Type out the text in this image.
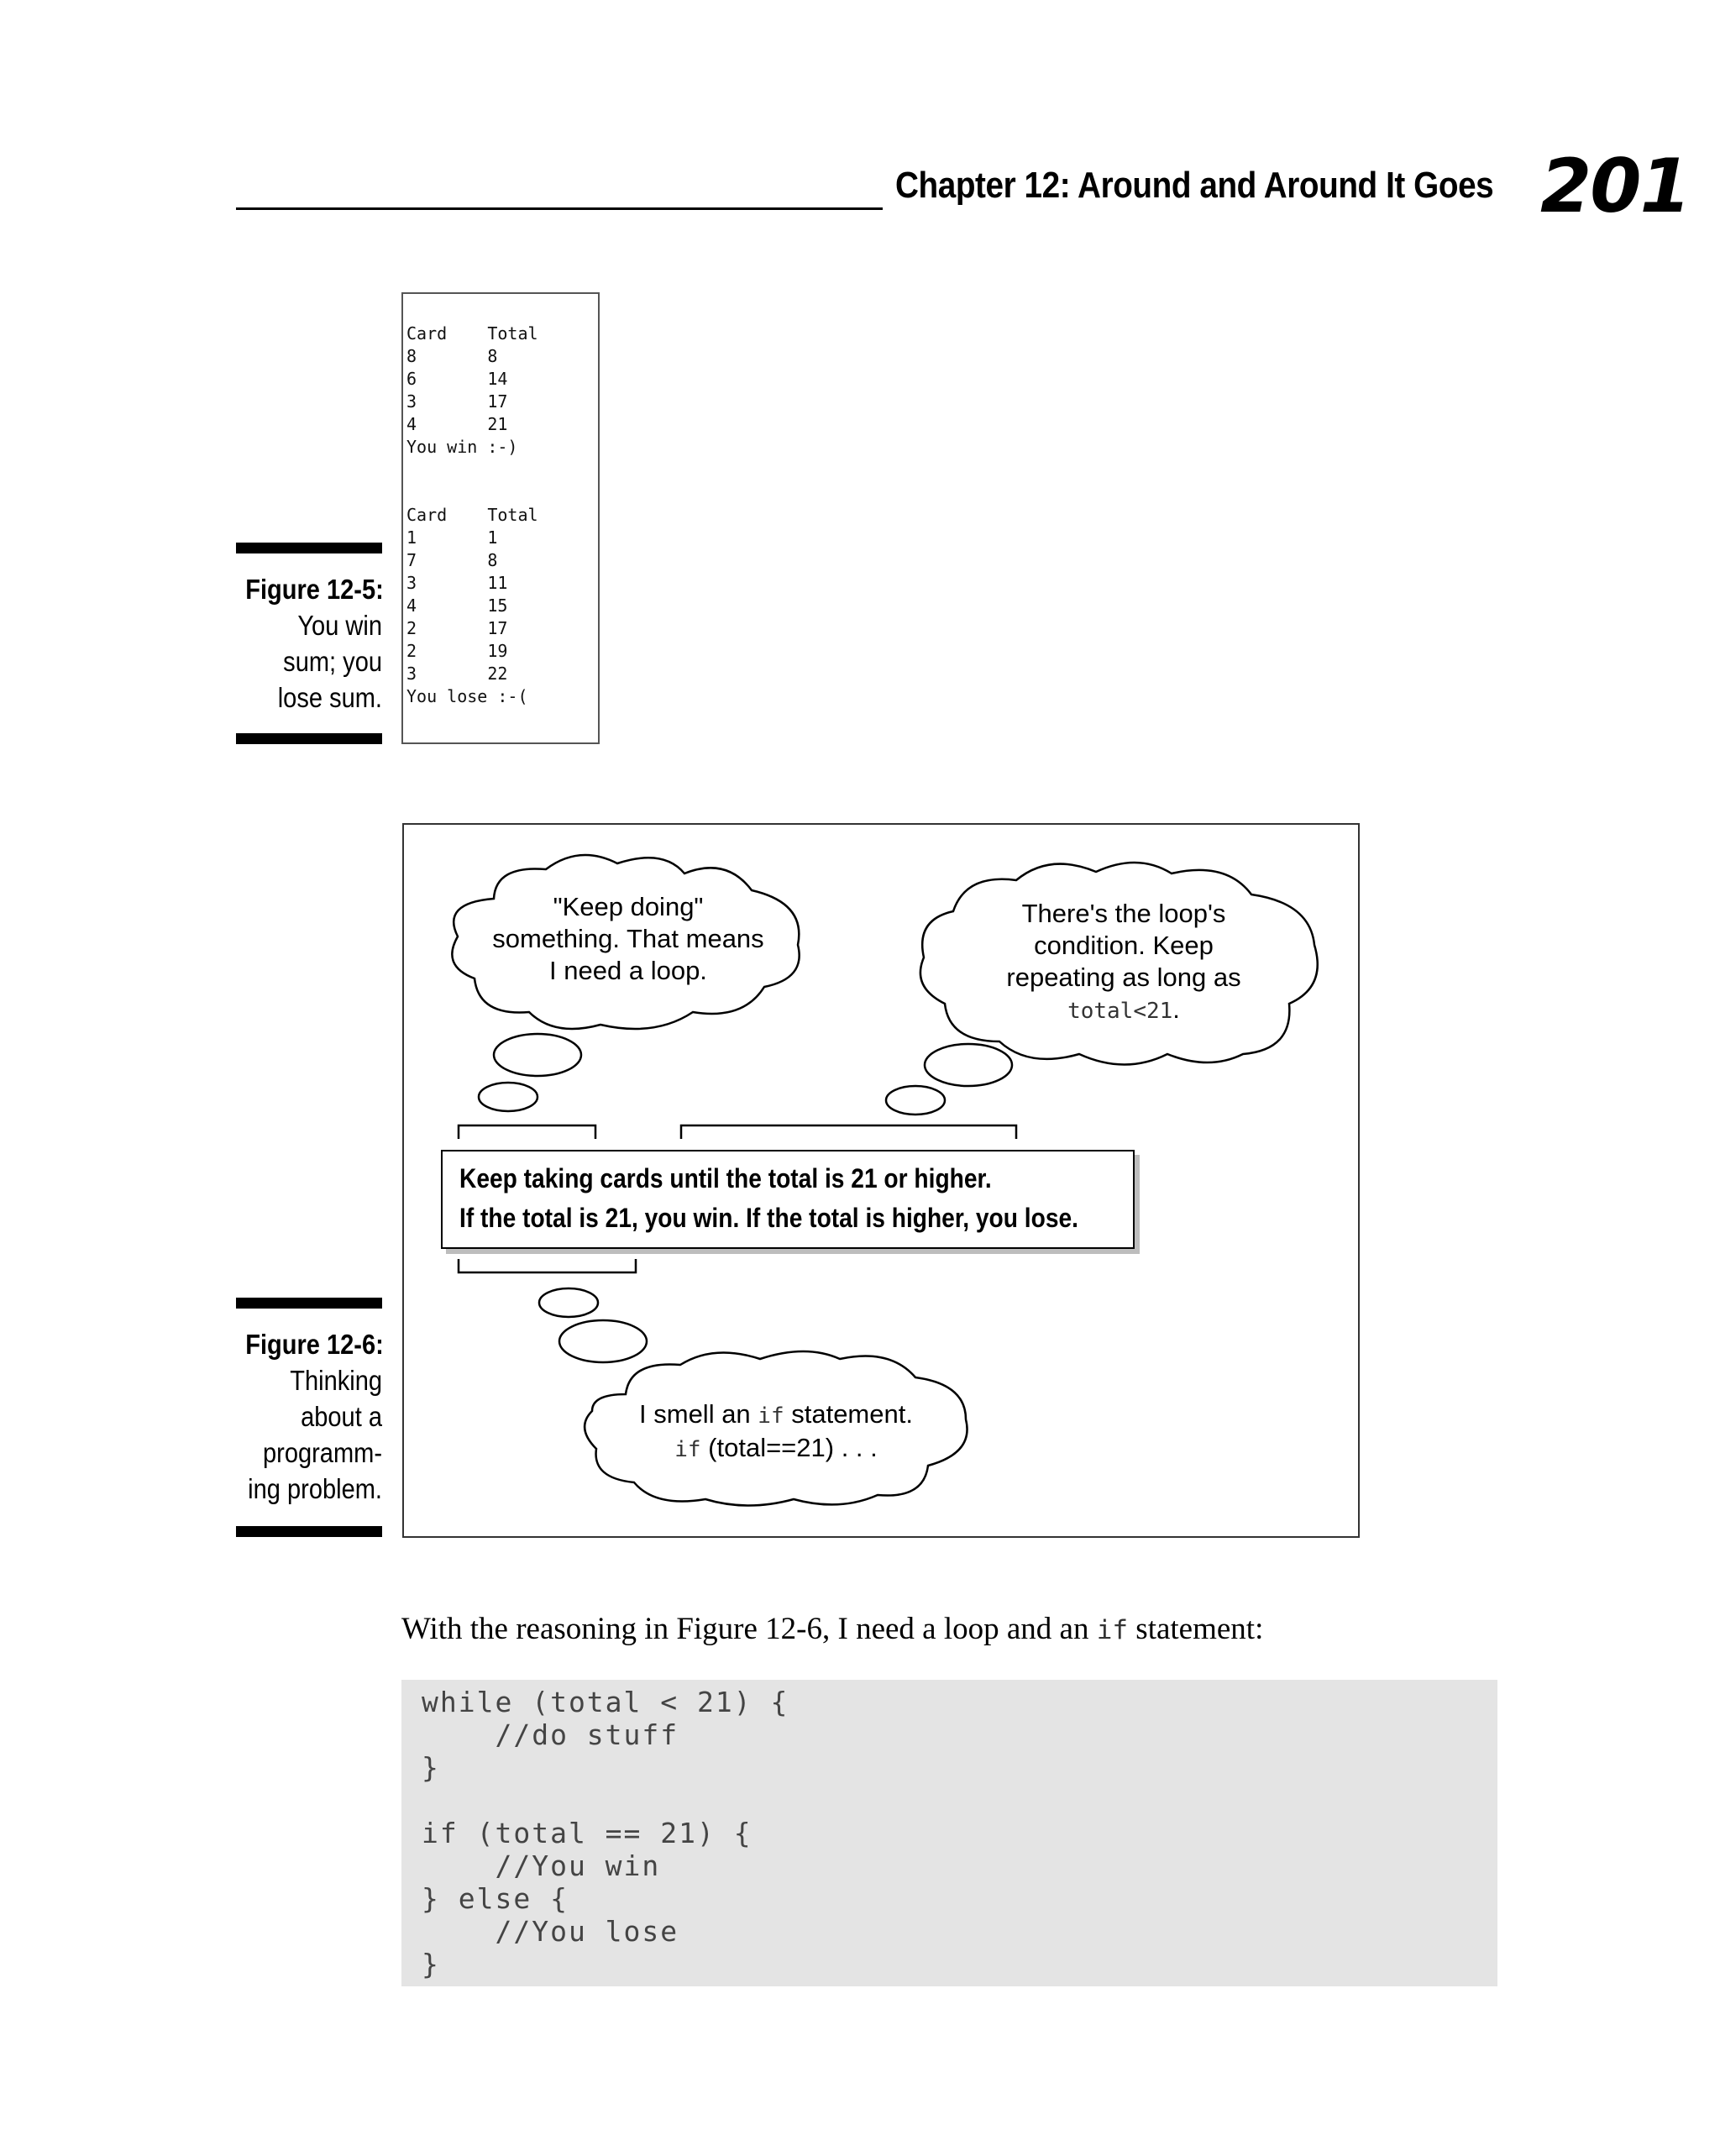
Chapter 12: Around and Around It Goes 201
Figure 12-5:
You win
sum; you
lose sum.
Card    Total
8       8
6       14
3       17
4       21
You win :-)
Card    Total
1       1
7       8
3       11
4       15
2       17
2       19
3       22
You lose :-(
Figure 12-6:
Thinking
about a
programm-
ing problem.
"Keep doing"
something. That means
I need a loop.
There's the loop's
condition. Keep
repeating as long as
total<21.
I smell an if statement.
if (total==21) . . .
Keep taking cards until the total is 21 or higher.
If the total is 21, you win. If the total is higher, you lose.
With the reasoning in Figure 12-6, I need a loop and an if statement:
while (total < 21) {
//do stuff
}
if (total == 21) {
//You win
} else {
//You lose
}
